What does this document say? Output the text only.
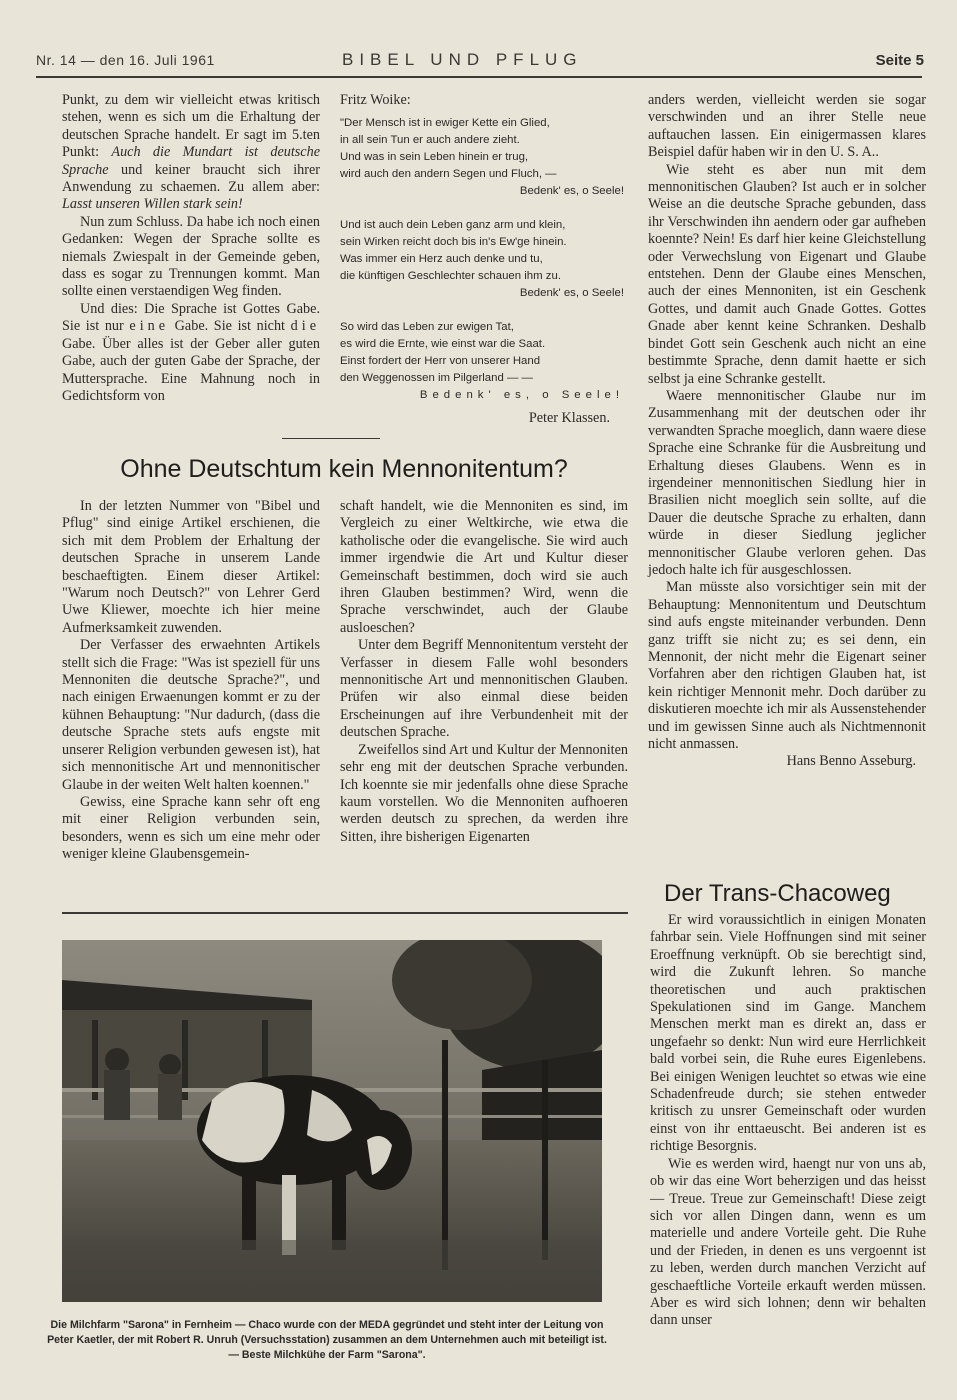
Nr. 14 — den 16. Juli 1961	BIBEL UND PFLUG	Seite 5

Punkt, zu dem wir vielleicht etwas kritisch stehen, wenn es sich um die Erhaltung der deutschen Sprache handelt. Er sagt im 5.ten Punkt: Auch die Mundart ist deutsche Sprache und keiner braucht sich ihrer Anwendung zu schaemen. Zu allem aber: Lasst unseren Willen stark sein!

Nun zum Schluss. Da habe ich noch einen Gedanken: Wegen der Sprache sollte es niemals Zwiespalt in der Gemeinde geben, dass es sogar zu Trennungen kommt. Man sollte einen verstaendigen Weg finden.

Und dies: Die Sprache ist Gottes Gabe. Sie ist nur eine Gabe. Sie ist nicht die Gabe. Über alles ist der Geber aller guten Gabe, auch der guten Gabe der Sprache, der Muttersprache. Eine Mahnung noch in Gedichtsform von

Fritz Woike:
"Der Mensch ist in ewiger Kette ein Glied,
in all sein Tun er auch andere zieht.
Und was in sein Leben hinein er trug,
wird auch den andern Segen und Fluch, —
Bedenk' es, o Seele!
Und ist auch dein Leben ganz arm und klein,
sein Wirken reicht doch bis in's Ew'ge hinein.
Was immer ein Herz auch denke und tu,
die künftigen Geschlechter schauen ihm zu.
Bedenk' es, o Seele!
So wird das Leben zur ewigen Tat,
es wird die Ernte, wie einst war die Saat.
Einst fordert der Herr von unserer Hand
den Weggenossen im Pilgerland — —
Bedenk' es, o Seele!
Peter Klassen.

anders werden, vielleicht werden sie sogar verschwinden und an ihrer Stelle neue auftauchen lassen. Ein einigermassen klares Beispiel dafür haben wir in den U. S. A..

Wie steht es aber nun mit dem mennonitischen Glauben? Ist auch er in solcher Weise an die deutsche Sprache gebunden, dass ihr Verschwinden ihn aendern oder gar aufheben koennte? Nein! Es darf hier keine Gleichstellung oder Verwechslung von Eigenart und Glaube entstehen. Denn der Glaube eines Menschen, auch der eines Mennoniten, ist ein Geschenk Gottes, und damit auch Gnade Gottes. Gottes Gnade aber kennt keine Schranken. Deshalb bindet Gott sein Geschenk auch nicht an eine bestimmte Sprache, denn damit haette er sich selbst ja eine Schranke gestellt.

Waere mennonitischer Glaube nur im Zusammenhang mit der deutschen oder ihr verwandten Sprache moeglich, dann waere diese Sprache eine Schranke für die Ausbreitung und Erhaltung dieses Glaubens. Wenn es in irgendeiner mennonitischen Siedlung hier in Brasilien nicht moeglich sein sollte, auf die Dauer die deutsche Sprache zu erhalten, dann würde in dieser Siedlung jeglicher mennonitischer Glaube verloren gehen. Das jedoch halte ich für ausgeschlossen.

Man müsste also vorsichtiger sein mit der Behauptung: Mennonitentum und Deutschtum sind aufs engste miteinander verbunden. Denn ganz trifft sie nicht zu; es sei denn, ein Mennonit, der nicht mehr die Eigenart seiner Vorfahren aber den richtigen Glauben hat, ist kein richtiger Mennonit mehr. Doch darüber zu diskutieren moechte ich mir als Aussenstehender und im gewissen Sinne auch als Nichtmennonit nicht anmassen.

Hans Benno Asseburg.

Ohne Deutschtum kein Mennonitentum?

In der letzten Nummer von "Bibel und Pflug" sind einige Artikel erschienen, die sich mit dem Problem der Erhaltung der deutschen Sprache in unserem Lande beschaeftigten. Einem dieser Artikel: "Warum noch Deutsch?" von Lehrer Gerd Uwe Kliewer, moechte ich hier meine Aufmerksamkeit zuwenden.

Der Verfasser des erwaehnten Artikels stellt sich die Frage: "Was ist speziell für uns Mennoniten die deutsche Sprache?", und nach einigen Erwaenungen kommt er zu der kühnen Behauptung: "Nur dadurch, (dass die deutsche Sprache stets aufs engste mit unserer Religion verbunden gewesen ist), hat sich mennonitische Art und mennonitischer Glaube in der weiten Welt halten koennen."

Gewiss, eine Sprache kann sehr oft eng mit einer Religion verbunden sein, besonders, wenn es sich um eine mehr oder weniger kleine Glaubensgemein-

schaft handelt, wie die Mennoniten es sind, im Vergleich zu einer Weltkirche, wie etwa die katholische oder die evangelische. Sie wird auch immer irgendwie die Art und Kultur dieser Gemeinschaft bestimmen, doch wird sie auch ihren Glauben bestimmen? Wird, wenn die Sprache verschwindet, auch der Glaube ausloeschen?

Unter dem Begriff Mennonitentum versteht der Verfasser in diesem Falle wohl besonders mennonitische Art und mennonitischen Glauben. Prüfen wir also einmal diese beiden Erscheinungen auf ihre Verbundenheit mit der deutschen Sprache.

Zweifellos sind Art und Kultur der Mennoniten sehr eng mit der deutschen Sprache verbunden. Ich koennte sie mir jedenfalls ohne diese Sprache kaum vorstellen. Wo die Mennoniten aufhoeren werden deutsch zu sprechen, da werden ihre Sitten, ihre bisherigen Eigenarten

Die Milchfarm "Sarona" in Fernheim — Chaco wurde con der MEDA gegründet und steht inter der Leitung von Peter Kaetler, der mit Robert R. Unruh (Versuchsstation) zusammen an dem Unternehmen auch mit beteiligt ist. — Beste Milchkühe der Farm "Sarona".
Der Trans-Chacoweg

Er wird voraussichtlich in einigen Monaten fahrbar sein. Viele Hoffnungen sind mit seiner Eroeffnung verknüpft. Ob sie berechtigt sind, wird die Zukunft lehren. So manche theoretischen und auch praktischen Spekulationen sind im Gange. Manchem Menschen merkt man es direkt an, dass er ungefaehr so denkt: Nun wird eure Herrlichkeit bald vorbei sein, die Ruhe eures Eigenlebens. Bei einigen Wenigen leuchtet so etwas wie eine Schadenfreude durch; sie stehen entweder kritisch zu unsrer Gemeinschaft oder wurden einst von ihr enttaeuscht. Bei anderen ist es richtige Besorgnis.

Wie es werden wird, haengt nur von uns ab, ob wir das eine Wort beherzigen und das heisst — Treue. Treue zur Gemeinschaft! Diese zeigt sich vor allen Dingen dann, wenn es um materielle und andere Vorteile geht. Die Ruhe und der Frieden, in denen es uns vergoennt ist zu leben, werden durch manchen Verzicht auf geschaeftliche Vorteile erkauft werden müssen. Aber es wird sich lohnen; denn wir behalten dann unser
